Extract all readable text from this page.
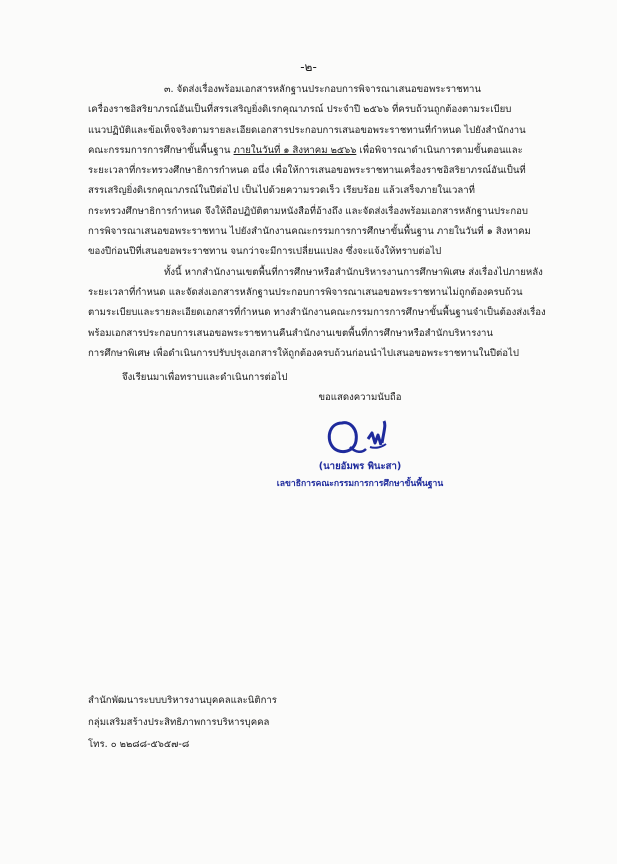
-๒-
๓. จัดส่งเรื่องพร้อมเอกสารหลักฐานประกอบการพิจารณาเสนอขอพระราชทาน
เครื่องราชอิสริยาภรณ์อันเป็นที่สรรเสริญยิ่งดิเรกคุณาภรณ์ ประจำปี ๒๕๖๖ ที่ครบถ้วนถูกต้องตามระเบียบ
แนวปฏิบัติและข้อเท็จจริงตามรายละเอียดเอกสารประกอบการเสนอขอพระราชทานที่กำหนด ไปยังสำนักงาน
คณะกรรมการการศึกษาขั้นพื้นฐาน ภายในวันที่ ๑ สิงหาคม ๒๕๖๖ เพื่อพิจารณาดำเนินการตามขั้นตอนและ
ระยะเวลาที่กระทรวงศึกษาธิการกำหนด อนึ่ง เพื่อให้การเสนอขอพระราชทานเครื่องราชอิสริยาภรณ์อันเป็นที่
สรรเสริญยิ่งดิเรกคุณาภรณ์ในปีต่อไป เป็นไปด้วยความรวดเร็ว เรียบร้อย แล้วเสร็จภายในเวลาที่
กระทรวงศึกษาธิการกำหนด จึงให้ถือปฏิบัติตามหนังสือที่อ้างถึง และจัดส่งเรื่องพร้อมเอกสารหลักฐานประกอบ
การพิจารณาเสนอขอพระราชทาน ไปยังสำนักงานคณะกรรมการการศึกษาขั้นพื้นฐาน ภายในวันที่ ๑ สิงหาคม
ของปีก่อนปีที่เสนอขอพระราชทาน จนกว่าจะมีการเปลี่ยนแปลง ซึ่งจะแจ้งให้ทราบต่อไป
ทั้งนี้ หากสำนักงานเขตพื้นที่การศึกษาหรือสำนักบริหารงานการศึกษาพิเศษ ส่งเรื่องไปภายหลัง
ระยะเวลาที่กำหนด และจัดส่งเอกสารหลักฐานประกอบการพิจารณาเสนอขอพระราชทานไม่ถูกต้องครบถ้วน
ตามระเบียบและรายละเอียดเอกสารที่กำหนด ทางสำนักงานคณะกรรมการการศึกษาขั้นพื้นฐานจำเป็นต้องส่งเรื่อง
พร้อมเอกสารประกอบการเสนอขอพระราชทานคืนสำนักงานเขตพื้นที่การศึกษาหรือสำนักบริหารงาน
การศึกษาพิเศษ เพื่อดำเนินการปรับปรุงเอกสารให้ถูกต้องครบถ้วนก่อนนำไปเสนอขอพระราชทานในปีต่อไป
จึงเรียนมาเพื่อทราบและดำเนินการต่อไป
ขอแสดงความนับถือ
(นายอัมพร พินะสา)
เลขาธิการคณะกรรมการการศึกษาขั้นพื้นฐาน
สำนักพัฒนาระบบบริหารงานบุคคลและนิติการ
กลุ่มเสริมสร้างประสิทธิภาพการบริหารบุคคล
โทร. ๐ ๒๒๘๘-๕๖๕๗-๘
